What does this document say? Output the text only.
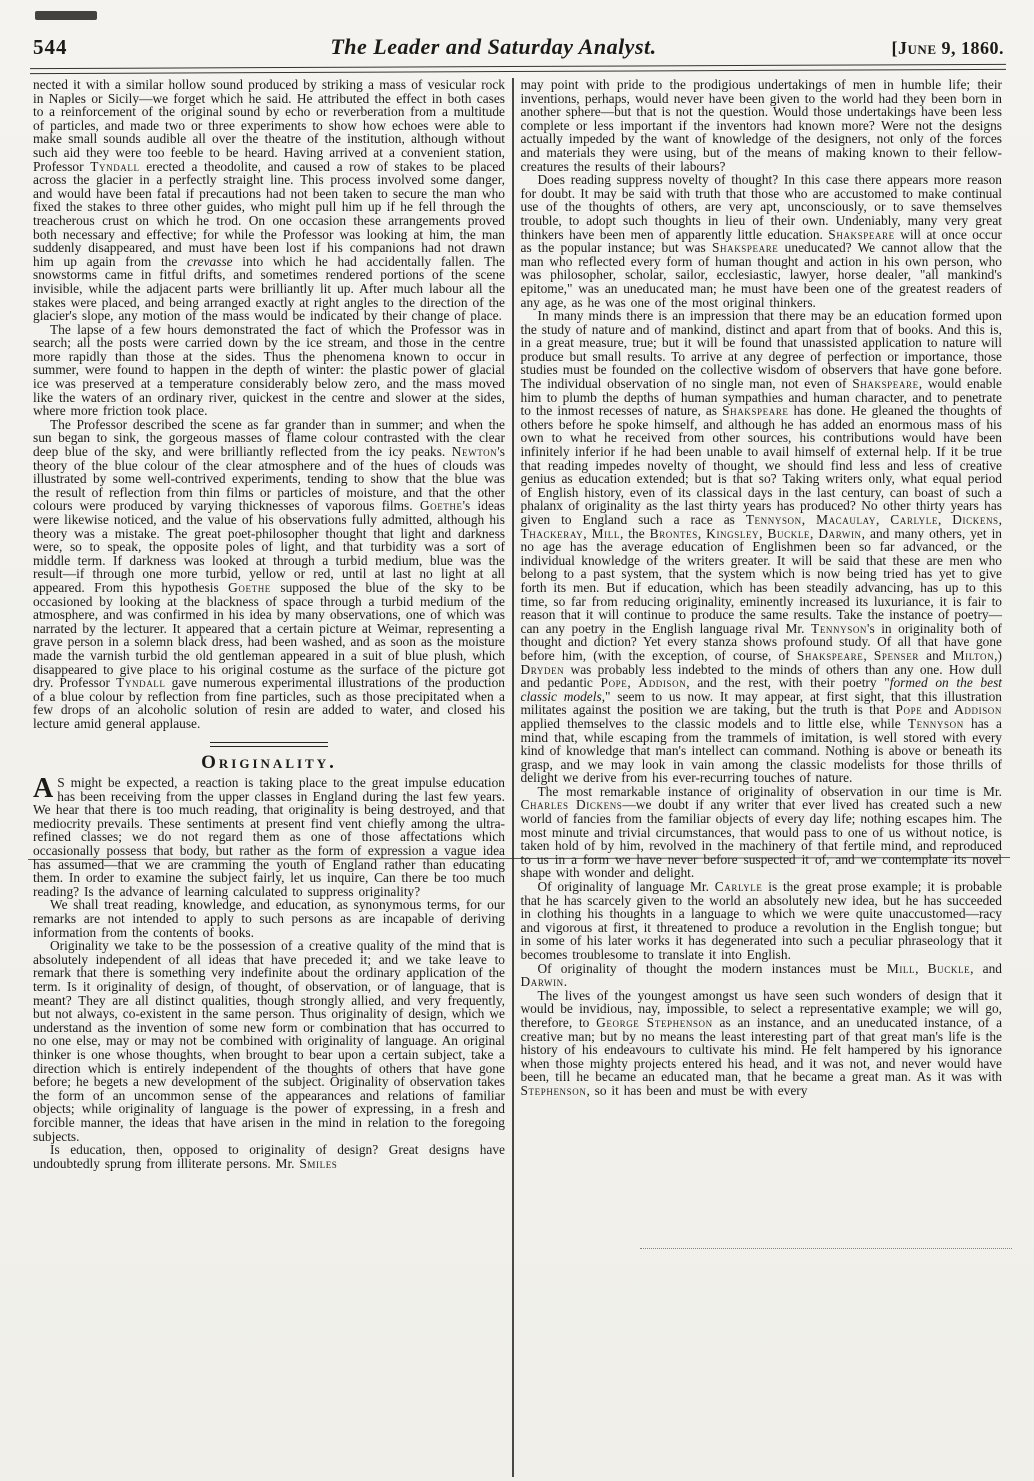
544	The Leader and Saturday Analyst.	[June 9, 1860.

nected it with a similar hollow sound produced by striking a mass of vesicular rock in Naples or Sicily—we forget which he said. He attributed the effect in both cases to a reinforcement of the original sound by echo or reverberation from a multitude of particles, and made two or three experiments to show how echoes were able to make small sounds audible all over the theatre of the institution, although without such aid they were too feeble to be heard. Having arrived at a convenient station, Professor Tyndall erected a theodolite, and caused a row of stakes to be placed across the glacier in a perfectly straight line. This process involved some danger, and would have been fatal if precautions had not been taken to secure the man who fixed the stakes to three other guides, who might pull him up if he fell through the treacherous crust on which he trod. On one occasion these arrangements proved both necessary and effective; for while the Professor was looking at him, the man suddenly disappeared, and must have been lost if his companions had not drawn him up again from the crevasse into which he had accidentally fallen. The snowstorms came in fitful drifts, and sometimes rendered portions of the scene invisible, while the adjacent parts were brilliantly lit up. After much labour all the stakes were placed, and being arranged exactly at right angles to the direction of the glacier's slope, any motion of the mass would be indicated by their change of place.

The lapse of a few hours demonstrated the fact of which the Professor was in search; all the posts were carried down by the ice stream, and those in the centre more rapidly than those at the sides. Thus the phenomena known to occur in summer, were found to happen in the depth of winter: the plastic power of glacial ice was preserved at a temperature considerably below zero, and the mass moved like the waters of an ordinary river, quickest in the centre and slower at the sides, where more friction took place.

The Professor described the scene as far grander than in summer; and when the sun began to sink, the gorgeous masses of flame colour contrasted with the clear deep blue of the sky, and were brilliantly reflected from the icy peaks. Newton's theory of the blue colour of the clear atmosphere and of the hues of clouds was illustrated by some well-contrived experiments, tending to show that the blue was the result of reflection from thin films or particles of moisture, and that the other colours were produced by varying thicknesses of vaporous films. Goethe's ideas were likewise noticed, and the value of his observations fully admitted, although his theory was a mistake. The great poet-philosopher thought that light and darkness were, so to speak, the opposite poles of light, and that turbidity was a sort of middle term. If darkness was looked at through a turbid medium, blue was the result—if through one more turbid, yellow or red, until at last no light at all appeared. From this hypothesis Goethe supposed the blue of the sky to be occasioned by looking at the blackness of space through a turbid medium of the atmosphere, and was confirmed in his idea by many observations, one of which was narrated by the lecturer. It appeared that a certain picture at Weimar, representing a grave person in a solemn black dress, had been washed, and as soon as the moisture made the varnish turbid the old gentleman appeared in a suit of blue plush, which disappeared to give place to his original costume as the surface of the picture got dry. Professor Tyndall gave numerous experimental illustrations of the production of a blue colour by reflection from fine particles, such as those precipitated when a few drops of an alcoholic solution of resin are added to water, and closed his lecture amid general applause.

Originality.

A S might be expected, a reaction is taking place to the great impulse education has been receiving from the upper classes in England during the last few years. We hear that there is too much reading, that originality is being destroyed, and that mediocrity prevails. These sentiments at present find vent chiefly among the ultra-refined classes; we do not regard them as one of those affectations which occasionally possess that body, but rather as the form of expression a vague idea has assumed—that we are cramming the youth of England rather than educating them. In order to examine the subject fairly, let us inquire, Can there be too much reading? Is the advance of learning calculated to suppress originality?

We shall treat reading, knowledge, and education, as synonymous terms, for our remarks are not intended to apply to such persons as are incapable of deriving information from the contents of books.

Originality we take to be the possession of a creative quality of the mind that is absolutely independent of all ideas that have preceded it; and we take leave to remark that there is something very indefinite about the ordinary application of the term. Is it originality of design, of thought, of observation, or of language, that is meant? They are all distinct qualities, though strongly allied, and very frequently, but not always, co-existent in the same person. Thus originality of design, which we understand as the invention of some new form or combination that has occurred to no one else, may or may not be combined with originality of language. An original thinker is one whose thoughts, when brought to bear upon a certain subject, take a direction which is entirely independent of the thoughts of others that have gone before; he begets a new development of the subject. Originality of observation takes the form of an uncommon sense of the appearances and relations of familiar objects; while originality of language is the power of expressing, in a fresh and forcible manner, the ideas that have arisen in the mind in relation to the foregoing subjects.

Is education, then, opposed to originality of design? Great designs have undoubtedly sprung from illiterate persons. Mr. Smiles

may point with pride to the prodigious undertakings of men in humble life; their inventions, perhaps, would never have been given to the world had they been born in another sphere—but that is not the question. Would those undertakings have been less complete or less important if the inventors had known more? Were not the designs actually impeded by the want of knowledge of the designers, not only of the forces and materials they were using, but of the means of making known to their fellow-creatures the results of their labours?

Does reading suppress novelty of thought? In this case there appears more reason for doubt. It may be said with truth that those who are accustomed to make continual use of the thoughts of others, are very apt, unconsciously, or to save themselves trouble, to adopt such thoughts in lieu of their own. Undeniably, many very great thinkers have been men of apparently little education. Shakspeare will at once occur as the popular instance; but was Shakspeare uneducated? We cannot allow that the man who reflected every form of human thought and action in his own person, who was philosopher, scholar, sailor, ecclesiastic, lawyer, horse dealer, "all mankind's epitome," was an uneducated man; he must have been one of the greatest readers of any age, as he was one of the most original thinkers.

In many minds there is an impression that there may be an education formed upon the study of nature and of mankind, distinct and apart from that of books. And this is, in a great measure, true; but it will be found that unassisted application to nature will produce but small results. To arrive at any degree of perfection or importance, those studies must be founded on the collective wisdom of observers that have gone before. The individual observation of no single man, not even of Shakspeare, would enable him to plumb the depths of human sympathies and human character, and to penetrate to the inmost recesses of nature, as Shakspeare has done. He gleaned the thoughts of others before he spoke himself, and although he has added an enormous mass of his own to what he received from other sources, his contributions would have been infinitely inferior if he had been unable to avail himself of external help. If it be true that reading impedes novelty of thought, we should find less and less of creative genius as education extended; but is that so? Taking writers only, what equal period of English history, even of its classical days in the last century, can boast of such a phalanx of originality as the last thirty years has produced? No other thirty years has given to England such a race as Tennyson, Macaulay, Carlyle, Dickens, Thackeray, Mill, the Brontes, Kingsley, Buckle, Darwin, and many others, yet in no age has the average education of Englishmen been so far advanced, or the individual knowledge of the writers greater. It will be said that these are men who belong to a past system, that the system which is now being tried has yet to give forth its men. But if education, which has been steadily advancing, has up to this time, so far from reducing originality, eminently increased its luxuriance, it is fair to reason that it will continue to produce the same results. Take the instance of poetry—can any poetry in the English language rival Mr. Tennyson's in originality both of thought and diction? Yet every stanza shows profound study. Of all that have gone before him, (with the exception, of course, of Shakspeare, Spenser and Milton,) Dryden was probably less indebted to the minds of others than any one. How dull and pedantic Pope, Addison, and the rest, with their poetry "formed on the best classic models," seem to us now. It may appear, at first sight, that this illustration militates against the position we are taking, but the truth is that Pope and Addison applied themselves to the classic models and to little else, while Tennyson has a mind that, while escaping from the trammels of imitation, is well stored with every kind of knowledge that man's intellect can command. Nothing is above or beneath its grasp, and we may look in vain among the classic modelists for those thrills of delight we derive from his ever-recurring touches of nature.

The most remarkable instance of originality of observation in our time is Mr. Charles Dickens—we doubt if any writer that ever lived has created such a new world of fancies from the familiar objects of every day life; nothing escapes him. The most minute and trivial circumstances, that would pass to one of us without notice, is taken hold of by him, revolved in the machinery of that fertile mind, and reproduced to us in a form we have never before suspected it of, and we contemplate its novel shape with wonder and delight.

Of originality of language Mr. Carlyle is the great prose example; it is probable that he has scarcely given to the world an absolutely new idea, but he has succeeded in clothing his thoughts in a language to which we were quite unaccustomed—racy and vigorous at first, it threatened to produce a revolution in the English tongue; but in some of his later works it has degenerated into such a peculiar phraseology that it becomes troublesome to translate it into English.

Of originality of thought the modern instances must be Mill, Buckle, and Darwin.

The lives of the youngest amongst us have seen such wonders of design that it would be invidious, nay, impossible, to select a representative example; we will go, therefore, to George Stephenson as an instance, and an uneducated instance, of a creative man; but by no means the least interesting part of that great man's life is the history of his endeavours to cultivate his mind. He felt hampered by his ignorance when those mighty projects entered his head, and it was not, and never would have been, till he became an educated man, that he became a great man. As it was with Stephenson, so it has been and must be with every
